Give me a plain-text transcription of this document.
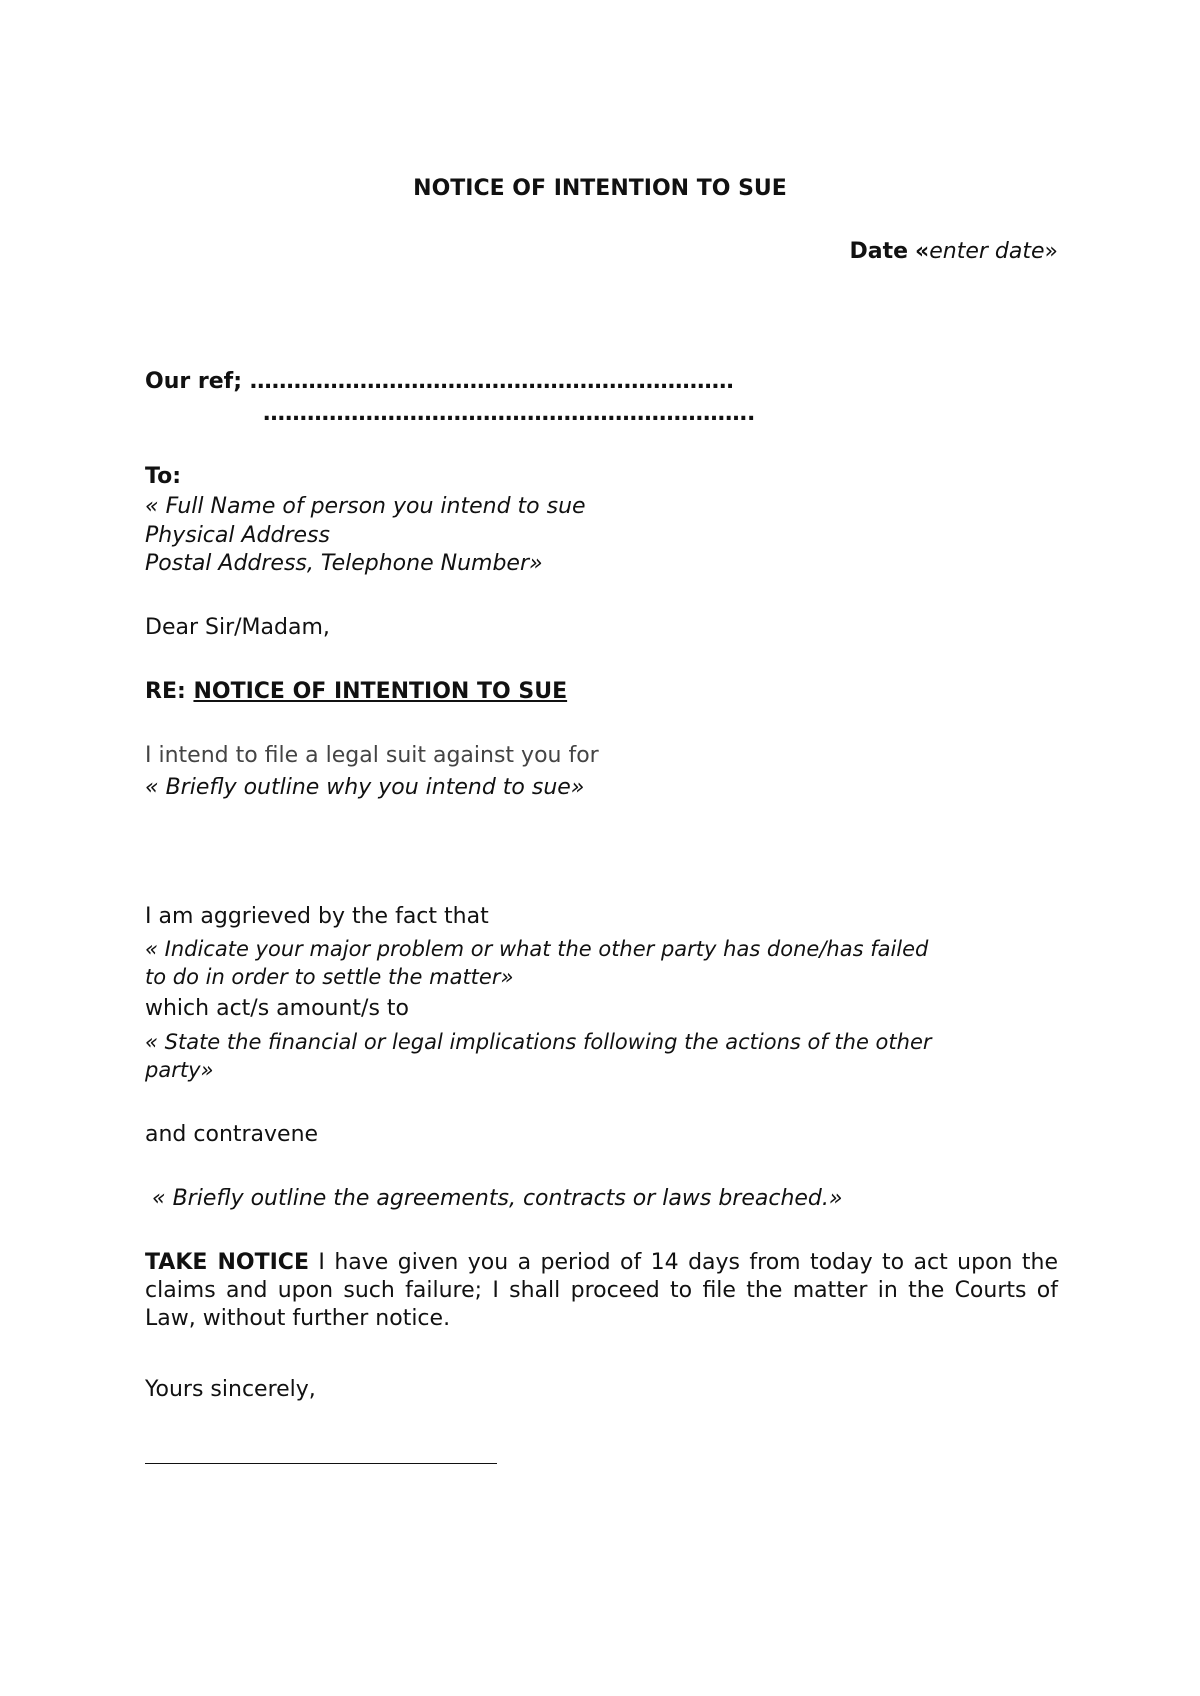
NOTICE OF INTENTION TO SUE
Date «enter date»
Our ref; …………………………………………………………
………………………………………………………….
To:
« Full Name of person you intend to sue
Physical Address
Postal Address, Telephone Number»
Dear Sir/Madam,
RE: NOTICE OF INTENTION TO SUE
I intend to file a legal suit against you for
« Briefly outline why you intend to sue»
I am aggrieved by the fact that
« Indicate your major problem or what the other party has done/has failed
to do in order to settle the matter»
which act/s amount/s to
« State the financial or legal implications following the actions of the other
party»
and contravene
« Briefly outline the agreements, contracts or laws breached.»
TAKE NOTICE I have given you a period of 14 days from today to act upon the claims and upon such failure; I shall proceed to file the matter in the Courts of Law, without further notice.
Yours sincerely,
